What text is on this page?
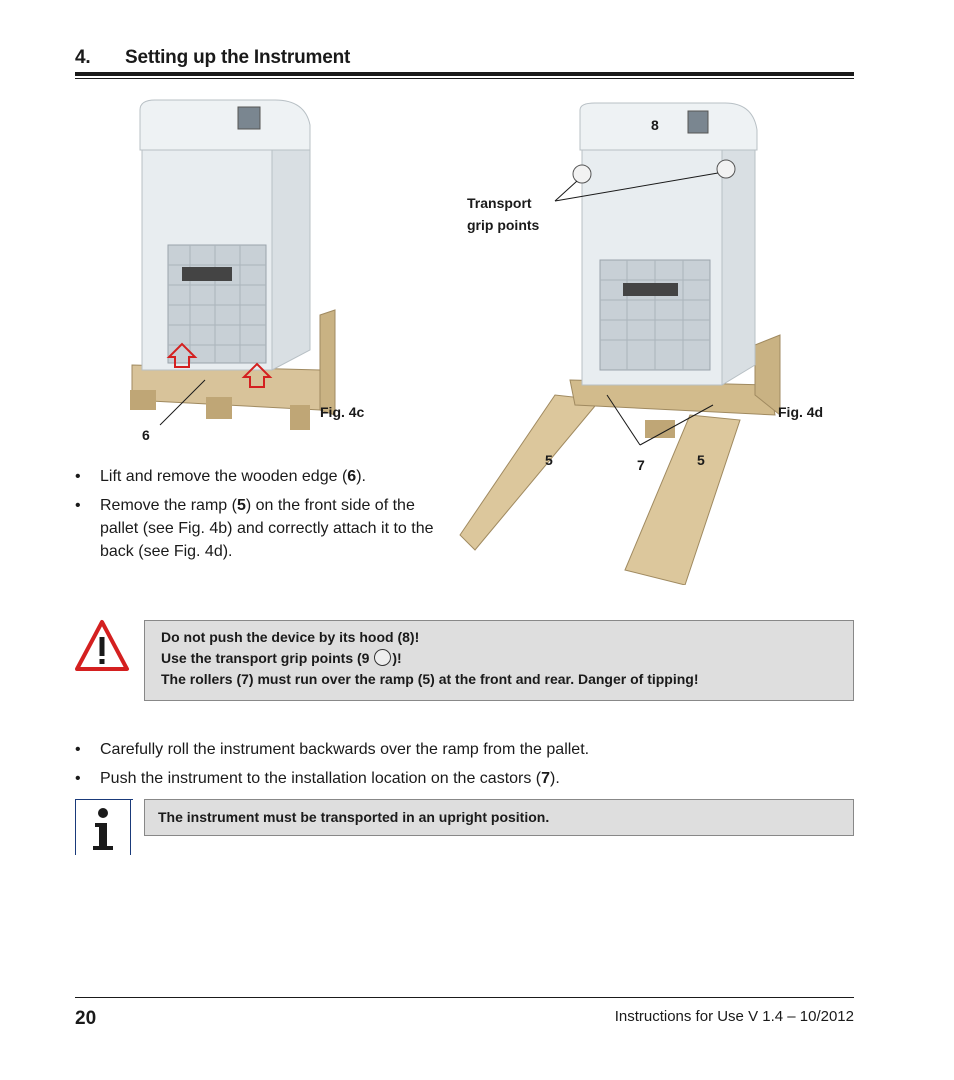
4. Setting up the Instrument
Fig. 4c
6
8
Transport
grip points
Fig. 4d
5	7	5
• Lift and remove the wooden edge (6).
• Remove the ramp (5) on the front side of the pallet (see Fig. 4b) and correctly attach it to the back (see Fig. 4d).
Do not push the device by its hood (8)!
Use the transport grip points (9 )!
The rollers (7) must run over the ramp (5) at the front and rear. Danger of tipping!
• Carefully roll the instrument backwards over the ramp from the pallet.
• Push the instrument to the installation location on the castors (7).
The instrument must be transported in an upright position.
20	Instructions for Use V 1.4 – 10/2012
